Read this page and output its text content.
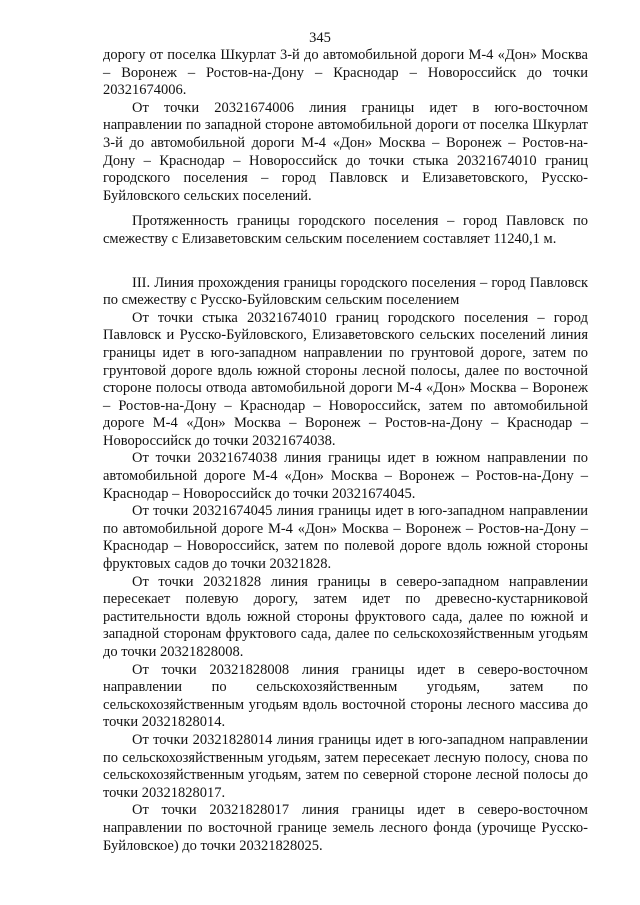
345

дорогу от поселка Шкурлат 3-й до автомобильной дороги М-4 «Дон» Москва – Воронеж – Ростов-на-Дону – Краснодар – Новороссийск до точки 20321674006.

От точки 20321674006 линия границы идет в юго-восточном направлении по западной стороне автомобильной дороги от поселка Шкурлат 3-й до автомобильной дороги М-4 «Дон» Москва – Воронеж – Ростов-на-Дону – Краснодар – Новороссийск до точки стыка 20321674010 границ городского поселения – город Павловск и Елизаветовского, Русско-Буйловского сельских поселений.

Протяженность границы городского поселения – город Павловск по смежеству с Елизаветовским сельским поселением составляет 11240,1 м.

III. Линия прохождения границы городского поселения – город Павловск по смежеству с Русско-Буйловским сельским поселением

От точки стыка 20321674010 границ городского поселения – город Павловск и Русско-Буйловского, Елизаветовского сельских поселений линия границы идет в юго-западном направлении по грунтовой дороге, затем по грунтовой дороге вдоль южной стороны лесной полосы, далее по восточной стороне полосы отвода автомобильной дороги М-4 «Дон» Москва – Воронеж – Ростов-на-Дону – Краснодар – Новороссийск, затем по автомобильной дороге М-4 «Дон» Москва – Воронеж – Ростов-на-Дону – Краснодар – Новороссийск до точки 20321674038.

От точки 20321674038 линия границы идет в южном направлении по автомобильной дороге М-4 «Дон» Москва – Воронеж – Ростов-на-Дону – Краснодар – Новороссийск до точки 20321674045.

От точки 20321674045 линия границы идет в юго-западном направлении по автомобильной дороге М-4 «Дон» Москва – Воронеж – Ростов-на-Дону – Краснодар – Новороссийск, затем по полевой дороге вдоль южной стороны фруктовых садов до точки 20321828.

От точки 20321828 линия границы в северо-западном направлении пересекает полевую дорогу, затем идет по древесно-кустарниковой растительности вдоль южной стороны фруктового сада, далее по южной и западной сторонам фруктового сада, далее по сельскохозяйственным угодьям до точки 20321828008.

От точки 20321828008 линия границы идет в северо-восточном направлении по сельскохозяйственным угодьям, затем по сельскохозяйственным угодьям вдоль восточной стороны лесного массива до точки 20321828014.

От точки 20321828014 линия границы идет в юго-западном направлении по сельскохозяйственным угодьям, затем пересекает лесную полосу, снова по сельскохозяйственным угодьям, затем по северной стороне лесной полосы до точки 20321828017.

От точки 20321828017 линия границы идет в северо-восточном направлении по восточной границе земель лесного фонда (урочище Русско-Буйловское) до точки 20321828025.
